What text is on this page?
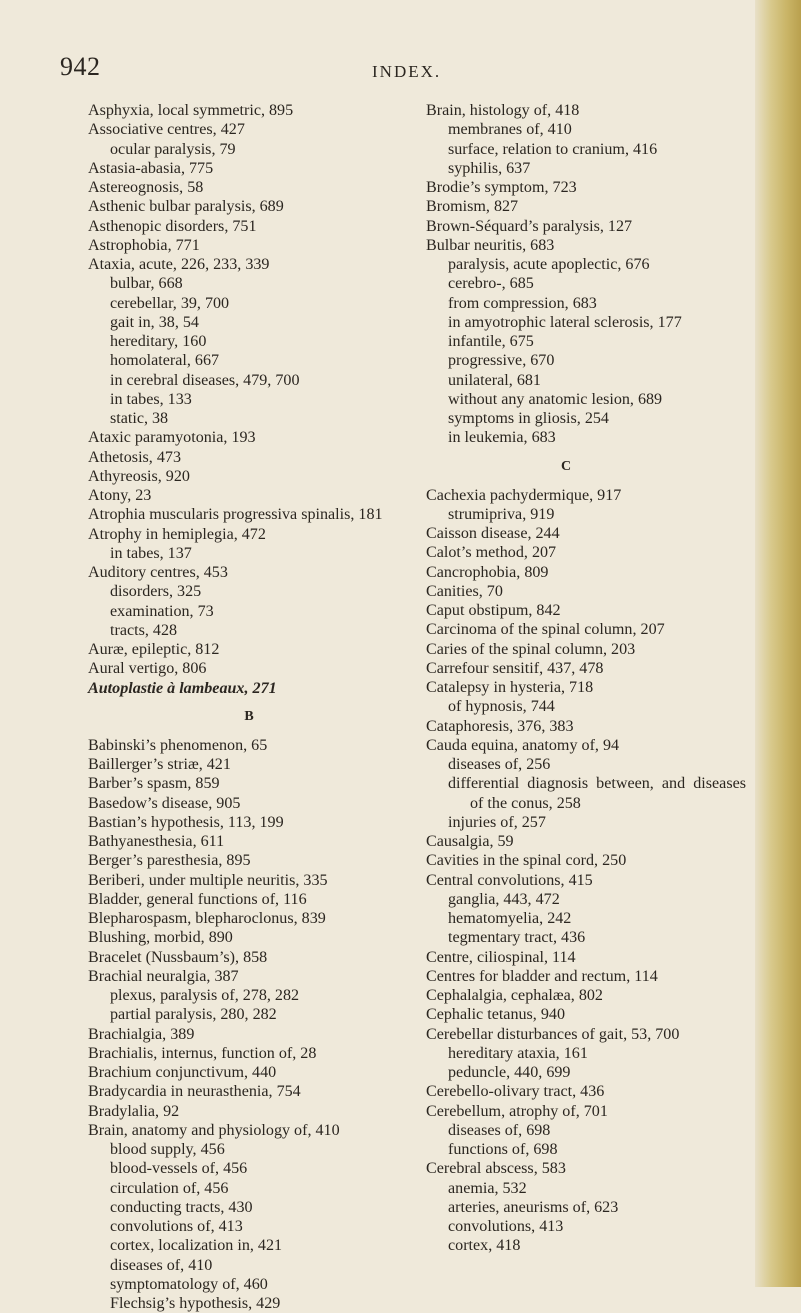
942	INDEX.
Asphyxia, local symmetric, 895
Associative centres, 427
ocular paralysis, 79
Astasia-abasia, 775
Astereognosis, 58
Asthenic bulbar paralysis, 689
Asthenopic disorders, 751
Astrophobia, 771
Ataxia, acute, 226, 233, 339
bulbar, 668
cerebellar, 39, 700
gait in, 38, 54
hereditary, 160
homolateral, 667
in cerebral diseases, 479, 700
in tabes, 133
static, 38
Ataxic paramyotonia, 193
Athetosis, 473
Athyreosis, 920
Atony, 23
Atrophia muscularis progressiva spinalis, 181
Atrophy in hemiplegia, 472
in tabes, 137
Auditory centres, 453
disorders, 325
examination, 73
tracts, 428
Auræ, epileptic, 812
Aural vertigo, 806
Autoplastie à lambeaux, 271
B
Babinski’s phenomenon, 65
Baillerger’s striæ, 421
Barber’s spasm, 859
Basedow’s disease, 905
Bastian’s hypothesis, 113, 199
Bathyanesthesia, 611
Berger’s paresthesia, 895
Beriberi, under multiple neuritis, 335
Bladder, general functions of, 116
Blepharospasm, blepharoclonus, 839
Blushing, morbid, 890
Bracelet (Nussbaum’s), 858
Brachial neuralgia, 387
plexus, paralysis of, 278, 282
partial paralysis, 280, 282
Brachialgia, 389
Brachialis, internus, function of, 28
Brachium conjunctivum, 440
Bradycardia in neurasthenia, 754
Bradylalia, 92
Brain, anatomy and physiology of, 410
blood supply, 456
blood-vessels of, 456
circulation of, 456
conducting tracts, 430
convolutions of, 413
cortex, localization in, 421
diseases of, 410
symptomatology of, 460
Flechsig’s hypothesis, 429
Brain, histology of, 418
membranes of, 410
surface, relation to cranium, 416
syphilis, 637
Brodie’s symptom, 723
Bromism, 827
Brown-Séquard’s paralysis, 127
Bulbar neuritis, 683
paralysis, acute apoplectic, 676
cerebro-, 685
from compression, 683
in amyotrophic lateral sclerosis, 177
infantile, 675
progressive, 670
unilateral, 681
without any anatomic lesion, 689
symptoms in gliosis, 254
in leukemia, 683
C
Cachexia pachydermique, 917
strumipriva, 919
Caisson disease, 244
Calot’s method, 207
Cancrophobia, 809
Canities, 70
Caput obstipum, 842
Carcinoma of the spinal column, 207
Caries of the spinal column, 203
Carrefour sensitif, 437, 478
Catalepsy in hysteria, 718
of hypnosis, 744
Cataphoresis, 376, 383
Cauda equina, anatomy of, 94
diseases of, 256
differential diagnosis between, and diseases of the conus, 258
injuries of, 257
Causalgia, 59
Cavities in the spinal cord, 250
Central convolutions, 415
ganglia, 443, 472
hematomyelia, 242
tegmentary tract, 436
Centre, ciliospinal, 114
Centres for bladder and rectum, 114
Cephalalgia, cephalæa, 802
Cephalic tetanus, 940
Cerebellar disturbances of gait, 53, 700
hereditary ataxia, 161
peduncle, 440, 699
Cerebello-olivary tract, 436
Cerebellum, atrophy of, 701
diseases of, 698
functions of, 698
Cerebral abscess, 583
anemia, 532
arteries, aneurisms of, 623
convolutions, 413
cortex, 418
